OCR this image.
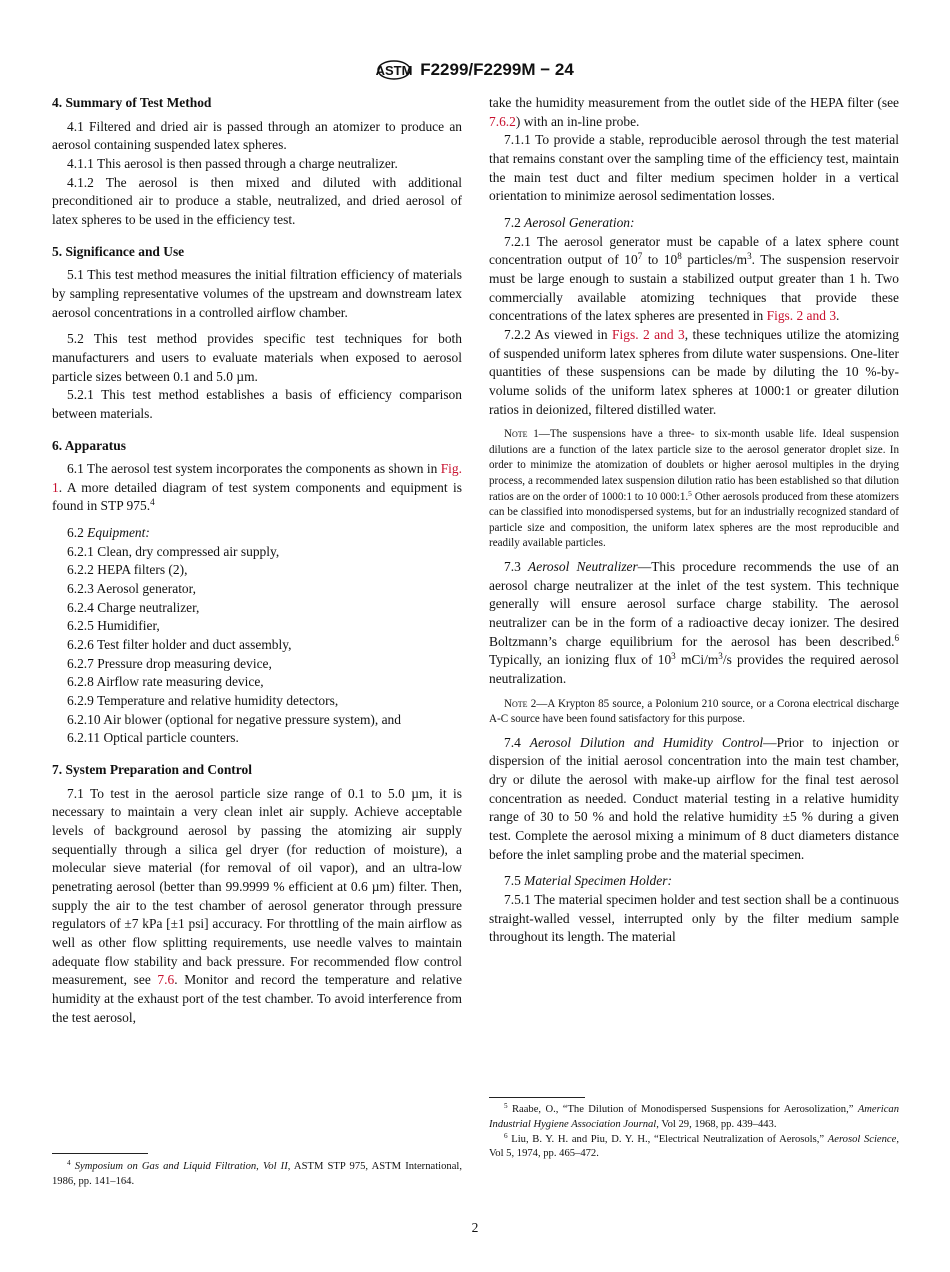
ASTM F2299/F2299M − 24
4. Summary of Test Method
4.1 Filtered and dried air is passed through an atomizer to produce an aerosol containing suspended latex spheres.
4.1.1 This aerosol is then passed through a charge neutralizer.
4.1.2 The aerosol is then mixed and diluted with additional preconditioned air to produce a stable, neutralized, and dried aerosol of latex spheres to be used in the efficiency test.
5. Significance and Use
5.1 This test method measures the initial filtration efficiency of materials by sampling representative volumes of the upstream and downstream latex aerosol concentrations in a controlled airflow chamber.
5.2 This test method provides specific test techniques for both manufacturers and users to evaluate materials when exposed to aerosol particle sizes between 0.1 and 5.0 µm.
5.2.1 This test method establishes a basis of efficiency comparison between materials.
6. Apparatus
6.1 The aerosol test system incorporates the components as shown in Fig. 1. A more detailed diagram of test system components and equipment is found in STP 975.$^4$
6.2 Equipment:
6.2.1 Clean, dry compressed air supply,
6.2.2 HEPA filters (2),
6.2.3 Aerosol generator,
6.2.4 Charge neutralizer,
6.2.5 Humidifier,
6.2.6 Test filter holder and duct assembly,
6.2.7 Pressure drop measuring device,
6.2.8 Airflow rate measuring device,
6.2.9 Temperature and relative humidity detectors,
6.2.10 Air blower (optional for negative pressure system), and
6.2.11 Optical particle counters.
7. System Preparation and Control
7.1 To test in the aerosol particle size range of 0.1 to 5.0 µm, it is necessary to maintain a very clean inlet air supply. Achieve acceptable levels of background aerosol by passing the atomizing air supply sequentially through a silica gel dryer (for reduction of moisture), a molecular sieve material (for removal of oil vapor), and an ultra-low penetrating aerosol (better than 99.9999 % efficient at 0.6 µm) filter. Then, supply the air to the test chamber of aerosol generator through pressure regulators of ±7 kPa [±1 psi] accuracy. For throttling of the main airflow as well as other flow splitting requirements, use needle valves to maintain adequate flow stability and back pressure. For recommended flow control measurement, see 7.6. Monitor and record the temperature and relative humidity at the exhaust port of the test chamber. To avoid interference from the test aerosol,
take the humidity measurement from the outlet side of the HEPA filter (see 7.6.2) with an in-line probe.
7.1.1 To provide a stable, reproducible aerosol through the test material that remains constant over the sampling time of the efficiency test, maintain the main test duct and filter medium specimen holder in a vertical orientation to minimize aerosol sedimentation losses.
7.2 Aerosol Generation:
7.2.1 The aerosol generator must be capable of a latex sphere count concentration output of $10^7$ to $10^8$ particles/$m^3$. The suspension reservoir must be large enough to sustain a stabilized output greater than 1 h. Two commercially available atomizing techniques that provide these concentrations of the latex spheres are presented in Figs. 2 and 3.
7.2.2 As viewed in Figs. 2 and 3, these techniques utilize the atomizing of suspended uniform latex spheres from dilute water suspensions. One-liter quantities of these suspensions can be made by diluting the 10 %-by-volume solids of the uniform latex spheres at 1000:1 or greater dilution ratios in deionized, filtered distilled water.
Note 1—The suspensions have a three- to six-month usable life. Ideal suspension dilutions are a function of the latex particle size to the aerosol generator droplet size. In order to minimize the atomization of doublets or higher aerosol multiples in the drying process, a recommended latex suspension dilution ratio has been established so that dilution ratios are on the order of 1000:1 to 10 000:1.$^5$ Other aerosols produced from these atomizers can be classified into monodispersed systems, but for an industrially recognized standard of particle size and composition, the uniform latex spheres are the most reproducible and readily available particles.
7.3 Aerosol Neutralizer—This procedure recommends the use of an aerosol charge neutralizer at the inlet of the test system. This technique generally will ensure aerosol surface charge stability. The aerosol neutralizer can be in the form of a radioactive decay ionizer. The desired Boltzmann’s charge equilibrium for the aerosol has been described.$^6$ Typically, an ionizing flux of $10^3$ mCi/$m^3/s$ provides the required aerosol neutralization.
Note 2—A Krypton 85 source, a Polonium 210 source, or a Corona electrical discharge A-C source have been found satisfactory for this purpose.
7.4 Aerosol Dilution and Humidity Control—Prior to injection or dispersion of the initial aerosol concentration into the main test chamber, dry or dilute the aerosol with make-up airflow for the final test aerosol concentration as needed. Conduct material testing in a relative humidity range of 30 to 50 % and hold the relative humidity ±5 % during a given test. Complete the aerosol mixing a minimum of 8 duct diameters distance before the inlet sampling probe and the material specimen.
7.5 Material Specimen Holder:
7.5.1 The material specimen holder and test section shall be a continuous straight-walled vessel, interrupted only by the filter medium sample throughout its length. The material
$^4$ Symposium on Gas and Liquid Filtration, Vol II, ASTM STP 975, ASTM International, 1986, pp. 141–164.
$^5$ Raabe, O., “The Dilution of Monodispersed Suspensions for Aerosolization,” American Industrial Hygiene Association Journal, Vol 29, 1968, pp. 439–443.
$^6$ Liu, B. Y. H. and Piu, D. Y. H., “Electrical Neutralization of Aerosols,” Aerosol Science, Vol 5, 1974, pp. 465–472.
2
